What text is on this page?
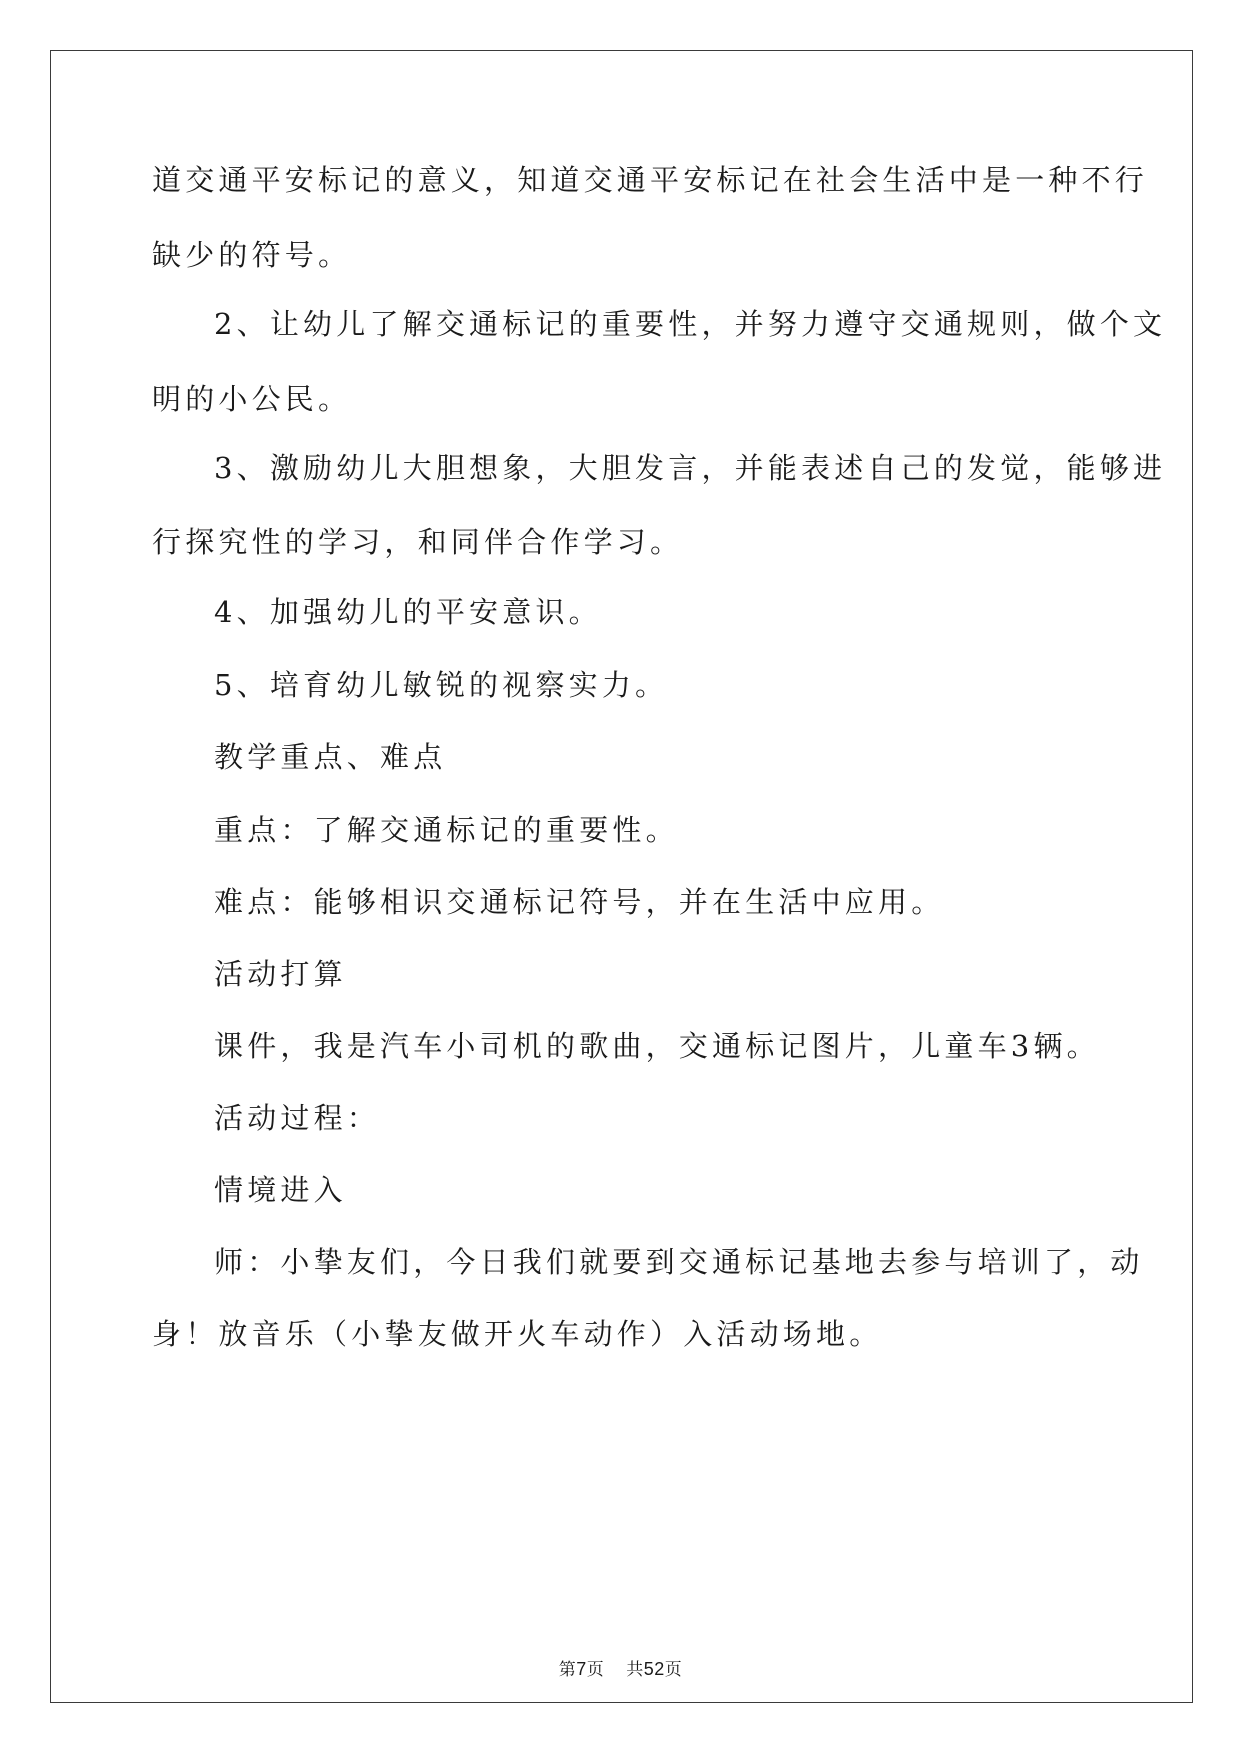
道交通平安标记的意义，知道交通平安标记在社会生活中是一种不行
缺少的符号。
2、让幼儿了解交通标记的重要性，并努力遵守交通规则，做个文
明的小公民。
3、激励幼儿大胆想象，大胆发言，并能表述自己的发觉，能够进
行探究性的学习，和同伴合作学习。
4、加强幼儿的平安意识。
5、培育幼儿敏锐的视察实力。
教学重点、难点
重点：了解交通标记的重要性。
难点：能够相识交通标记符号，并在生活中应用。
活动打算
课件，我是汽车小司机的歌曲，交通标记图片，儿童车3辆。
活动过程：
情境进入
师：小挚友们，今日我们就要到交通标记基地去参与培训了，动
身！放音乐（小挚友做开火车动作）入活动场地。
第7页 共52页
